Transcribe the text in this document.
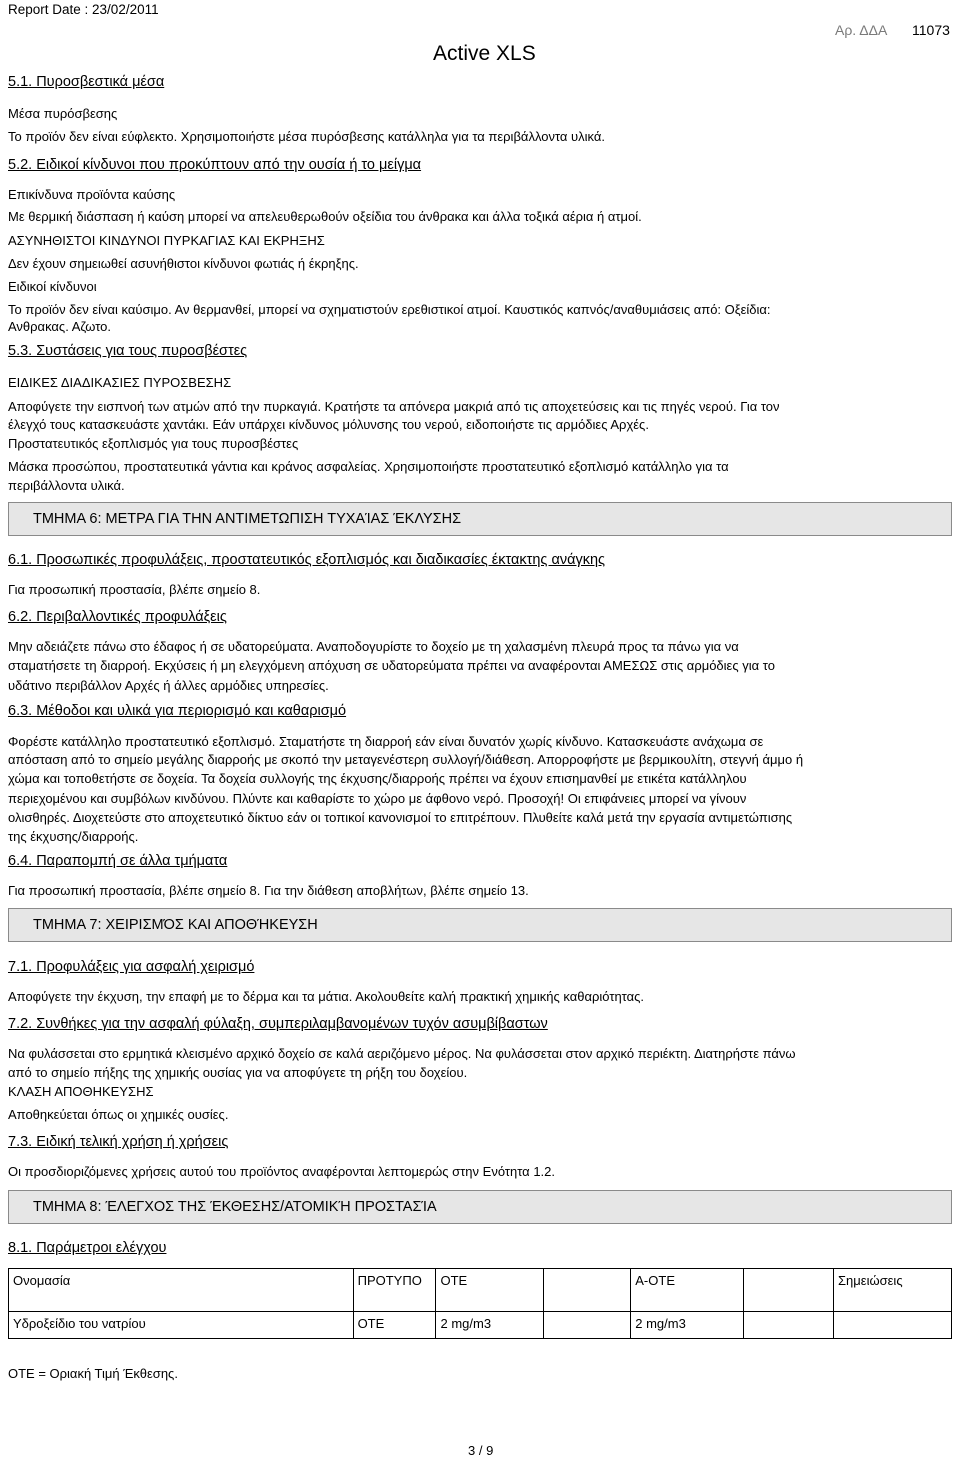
Report Date : 23/02/2011
Active XLS
Αρ. ΔΔΑ 11073
5.1. Πυροσβεστικά μέσα
Μέσα πυρόσβεσης
Το προϊόν δεν είναι εύφλεκτο. Χρησιμοποιήστε μέσα πυρόσβεσης κατάλληλα για τα περιβάλλοντα υλικά.
5.2. Ειδικοί κίνδυνοι που προκύπτουν από την ουσία ή το μείγμα
Επικίνδυνα προϊόντα καύσης
Με θερμική διάσπαση ή καύση μπορεί να απελευθερωθούν οξείδια του άνθρακα και άλλα τοξικά αέρια ή ατμοί.
ΑΣΥΝΗΘΙΣΤΟΙ ΚΙΝΔΥΝΟΙ ΠΥΡΚΑΓΙΑΣ ΚΑΙ ΕΚΡΗΞΗΣ
Δεν έχουν σημειωθεί ασυνήθιστοι κίνδυνοι φωτιάς ή έκρηξης.
Ειδικοί κίνδυνοι
Το προϊόν δεν είναι καύσιμο. Αν θερμανθεί, μπορεί να σχηματιστούν ερεθιστικοί ατμοί. Καυστικός καπνός/αναθυμιάσεις από: Οξείδια:
Ανθρακας. Αζωτο.
5.3. Συστάσεις για τους πυροσβέστες
ΕΙΔΙΚΕΣ ΔΙΑΔΙΚΑΣΙΕΣ ΠΥΡΟΣΒΕΣΗΣ
Αποφύγετε την εισπνοή των ατμών από την πυρκαγιά. Κρατήστε τα απόνερα μακριά από τις αποχετεύσεις και τις πηγές νερού. Για τον
έλεγχό τους κατασκευάστε χαντάκι. Εάν υπάρχει κίνδυνος μόλυνσης του νερού, ειδοποιήστε τις αρμόδιες Αρχές.
Προστατευτικός εξοπλισμός για τους πυροσβέστες
Μάσκα προσώπου, προστατευτικά γάντια και κράνος ασφαλείας. Χρησιμοποιήστε προστατευτικό εξοπλισμό κατάλληλο για τα
περιβάλλοντα υλικά.
ΤΜΗΜΑ 6: ΜΕΤΡΑ ΓΙΑ ΤΗΝ ΑΝΤΙΜΕΤΩΠΙΣΗ ΤΥΧΑΊΑΣ ΈΚΛΥΣΗΣ
6.1. Προσωπικές προφυλάξεις, προστατευτικός εξοπλισμός και διαδικασίες έκτακτης ανάγκης
Για προσωπική προστασία, βλέπε σημείο 8.
6.2. Περιβαλλοντικές προφυλάξεις
Μην αδειάζετε πάνω στο έδαφος ή σε υδατορεύματα. Αναποδογυρίστε το δοχείο με τη χαλασμένη πλευρά προς τα πάνω για να
σταματήσετε τη διαρροή. Εκχύσεις ή μη ελεγχόμενη απόχυση σε υδατορεύματα πρέπει να αναφέρονται ΑΜΕΣΩΣ στις αρμόδιες για το
υδάτινο περιβάλλον Αρχές ή άλλες αρμόδιες υπηρεσίες.
6.3. Μέθοδοι και υλικά για περιορισμό και καθαρισμό
Φορέστε κατάλληλο προστατευτικό εξοπλισμό. Σταματήστε τη διαρροή εάν είναι δυνατόν χωρίς κίνδυνο. Κατασκευάστε ανάχωμα σε
απόσταση από το σημείο μεγάλης διαρροής με σκοπό την μεταγενέστερη συλλογή/διάθεση. Απορροφήστε με βερμικουλίτη, στεγνή άμμο ή
χώμα και τοποθετήστε σε δοχεία. Τα δοχεία συλλογής της έκχυσης/διαρροής πρέπει να έχουν επισημανθεί με ετικέτα κατάλληλου
περιεχομένου και συμβόλων κινδύνου. Πλύντε και καθαρίστε το χώρο με άφθονο νερό. Προσοχή! Οι επιφάνειες μπορεί να γίνουν
ολισθηρές. Διοχετεύστε στο αποχετευτικό δίκτυο εάν οι τοπικοί κανονισμοί το επιτρέπουν. Πλυθείτε καλά μετά την εργασία αντιμετώπισης
της έκχυσης/διαρροής.
6.4. Παραπομπή σε άλλα τμήματα
Για προσωπική προστασία, βλέπε σημείο 8. Για την διάθεση αποβλήτων, βλέπε σημείο 13.
ΤΜΗΜΑ 7: ΧΕΙΡΙΣΜΌΣ ΚΑΙ ΑΠΟΘΉΚΕΥΣΗ
7.1. Προφυλάξεις για ασφαλή χειρισμό
Αποφύγετε την έκχυση, την επαφή με το δέρμα και τα μάτια. Ακολουθείτε καλή πρακτική χημικής καθαριότητας.
7.2. Συνθήκες για την ασφαλή φύλαξη, συμπεριλαμβανομένων τυχόν ασυμβίβαστων
Να φυλάσσεται στο ερμητικά κλεισμένο αρχικό δοχείο σε καλά αεριζόμενο μέρος. Να φυλάσσεται στον αρχικό περιέκτη. Διατηρήστε πάνω
από το σημείο πήξης της χημικής ουσίας για να αποφύγετε τη ρήξη του δοχείου.
ΚΛΑΣΗ ΑΠΟΘΗΚΕΥΣΗΣ
Αποθηκεύεται όπως οι χημικές ουσίες.
7.3. Ειδική τελική χρήση ή χρήσεις
Οι προσδιοριζόμενες χρήσεις αυτού του προϊόντος αναφέρονται λεπτομερώς στην Ενότητα 1.2.
ΤΜΗΜΑ 8: ΈΛΕΓΧΟΣ ΤΗΣ ΈΚΘΕΣΗΣ/ΑΤΟΜΙΚΉ ΠΡΟΣΤΑΣΊΑ
8.1. Παράμετροι ελέγχου
Ονομασία	ΠΡΟΤΥΠΟ	ΟΤΕ		Α-ΟΤΕ		Σημειώσεις
Υδροξείδιο του νατρίου	ΟΤΕ	2 mg/m3		2 mg/m3		
ΟΤΕ = Οριακή Τιμή Έκθεσης.
3 / 9
